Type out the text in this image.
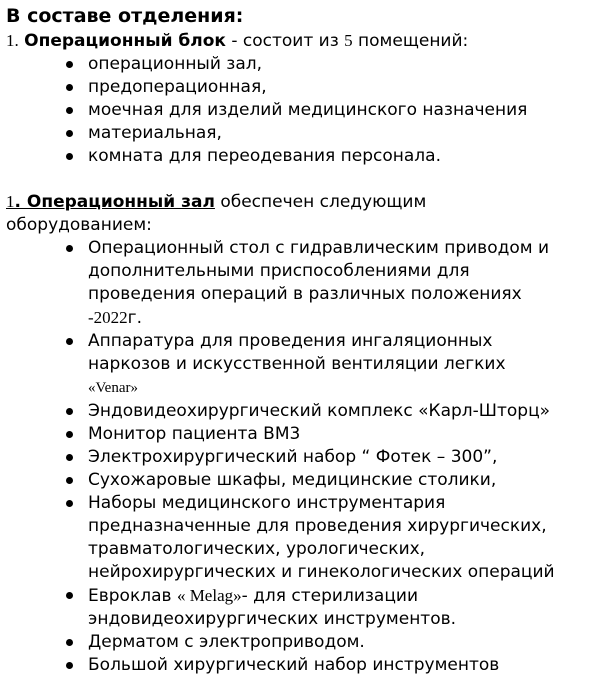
В составе отделения:

1. Операционный блок - состоит из 5 помещений:

операционный зал,
предоперационная,
моечная для изделий медицинского назначения
материальная,
комната для переодевания персонала.

1. Операционный зал обеспечен следующим

оборудованием:

Операционный стол с гидравлическим приводом и
дополнительными приспособлениями для
проведения операций в различных положениях
-2022г.
Аппаратура для проведения ингаляционных
наркозов и искусственной вентиляции легких
«Venar»
Эндовидеохирургический комплекс «Карл-Шторц»
Монитор пациента ВМ3
Электрохирургический набор “ Фотек – 300”,
Сухожаровые шкафы, медицинские столики,
Наборы медицинского инструментария
предназначенные для проведения хирургических,
травматологических, урологических,
нейрохирургических и гинекологических операций
Евроклав « Melag»- для стерилизации
эндовидеохирургических инструментов.
Дерматом с электроприводом.
Большой хирургический набор инструментов
